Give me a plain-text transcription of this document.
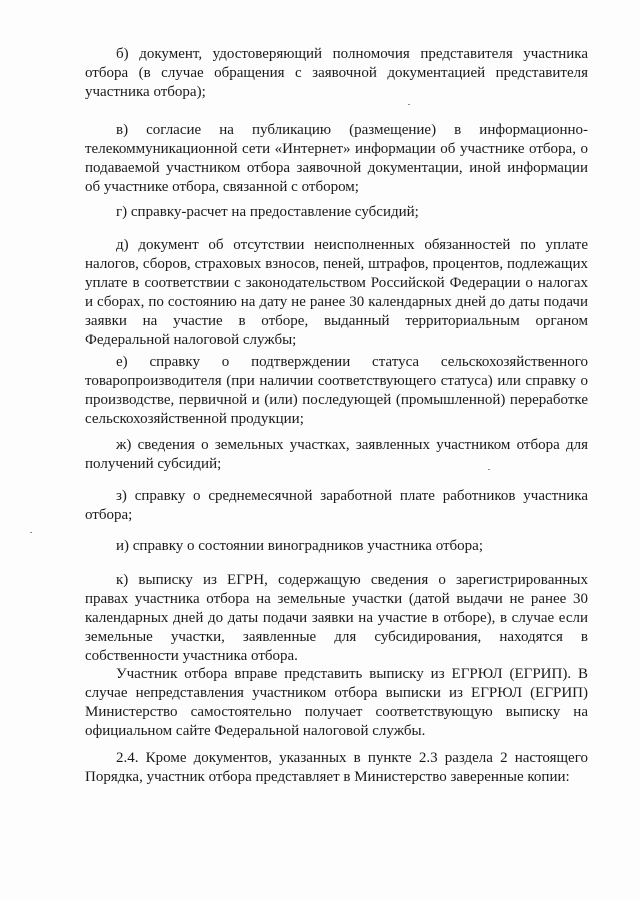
б) документ, удостоверяющий полномочия представителя участника отбора (в случае обращения с заявочной документацией представителя участника отбора);

в) согласие на публикацию (размещение) в информационно-телекоммуникационной сети «Интернет» информации об участнике отбора, о подаваемой участником отбора заявочной документации, иной информации об участнике отбора, связанной с отбором;

г) справку-расчет на предоставление субсидий;

д) документ об отсутствии неисполненных обязанностей по уплате налогов, сборов, страховых взносов, пеней, штрафов, процентов, подлежащих уплате в соответствии с законодательством Российской Федерации о налогах и сборах, по состоянию на дату не ранее 30 календарных дней до даты подачи заявки на участие в отборе, выданный территориальным органом Федеральной налоговой службы;

е) справку о подтверждении статуса сельскохозяйственного товаропроизводителя (при наличии соответствующего статуса) или справку о производстве, первичной и (или) последующей (промышленной) переработке сельскохозяйственной продукции;

ж) сведения о земельных участках, заявленных участником отбора для получений субсидий;

з) справку о среднемесячной заработной плате работников участника отбора;

и) справку о состоянии виноградников участника отбора;

к) выписку из ЕГРН, содержащую сведения о зарегистрированных правах участника отбора на земельные участки (датой выдачи не ранее 30 календарных дней до даты подачи заявки на участие в отборе), в случае если земельные участки, заявленные для субсидирования, находятся в собственности участника отбора.

Участник отбора вправе представить выписку из ЕГРЮЛ (ЕГРИП). В случае непредставления участником отбора выписки из ЕГРЮЛ (ЕГРИП) Министерство самостоятельно получает соответствующую выписку на официальном сайте Федеральной налоговой службы.

2.4. Кроме документов, указанных в пункте 2.3 раздела 2 настоящего Порядка, участник отбора представляет в Министерство заверенные копии:
